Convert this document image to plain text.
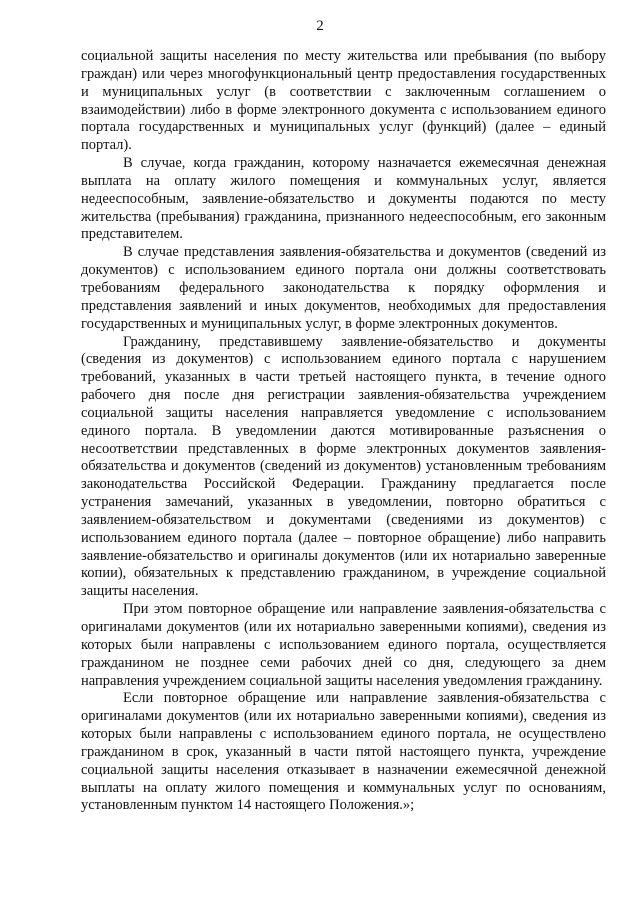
2

социальной защиты населения по месту жительства или пребывания (по выбору граждан) или через многофункциональный центр предоставления государственных и муниципальных услуг (в соответствии с заключенным соглашением о взаимодействии) либо в форме электронного документа с использованием единого портала государственных и муниципальных услуг (функций) (далее – единый портал).

В случае, когда гражданин, которому назначается ежемесячная денежная выплата на оплату жилого помещения и коммунальных услуг, является недееспособным, заявление-обязательство и документы подаются по месту жительства (пребывания) гражданина, признанного недееспособным, его законным представителем.

В случае представления заявления-обязательства и документов (сведений из документов) с использованием единого портала они должны соответствовать требованиям федерального законодательства к порядку оформления и представления заявлений и иных документов, необходимых для предоставления государственных и муниципальных услуг, в форме электронных документов.

Гражданину, представившему заявление-обязательство и документы (сведения из документов) с использованием единого портала с нарушением требований, указанных в части третьей настоящего пункта, в течение одного рабочего дня после дня регистрации заявления-обязательства учреждением социальной защиты населения направляется уведомление с использованием единого портала. В уведомлении даются мотивированные разъяснения о несоответствии представленных в форме электронных документов заявления-обязательства и документов (сведений из документов) установленным требованиям законодательства Российской Федерации. Гражданину предлагается после устранения замечаний, указанных в уведомлении, повторно обратиться с заявлением-обязательством и документами (сведениями из документов) с использованием единого портала (далее – повторное обращение) либо направить заявление-обязательство и оригиналы документов (или их нотариально заверенные копии), обязательных к представлению гражданином, в учреждение социальной защиты населения.

При этом повторное обращение или направление заявления-обязательства с оригиналами документов (или их нотариально заверенными копиями), сведения из которых были направлены с использованием единого портала, осуществляется гражданином не позднее семи рабочих дней со дня, следующего за днем направления учреждением социальной защиты населения уведомления гражданину.

Если повторное обращение или направление заявления-обязательства с оригиналами документов (или их нотариально заверенными копиями), сведения из которых были направлены с использованием единого портала, не осуществлено гражданином в срок, указанный в части пятой настоящего пункта, учреждение социальной защиты населения отказывает в назначении ежемесячной денежной выплаты на оплату жилого помещения и коммунальных услуг по основаниям, установленным пунктом 14 настоящего Положения.»;
